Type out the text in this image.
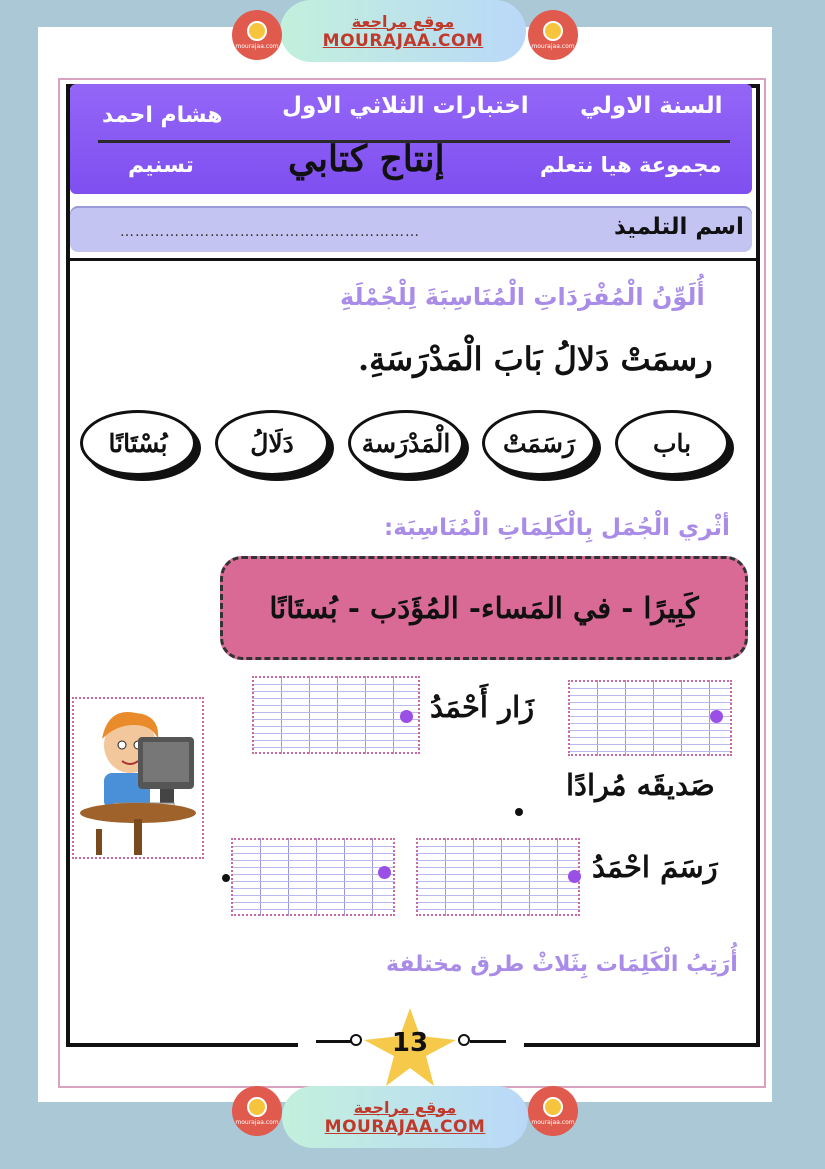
موقع مراجعة
MOURAJAA.COM
mourajaa.com	mourajaa.com
السنة الاولي
اختبارات الثلاثي الاول
هشام احمد
مجموعة هيا نتعلم
إنتاج كتابي
تسنيم
اسم التلميذ
……………………………………………………
أُلَوِّنُ الْمُفْرَدَاتِ الْمُنَاسِبَةَ لِلْجُمْلَةِ
رسمَتْ دَلالُ بَابَ الْمَدْرَسَةِ.
باب
رَسَمَتْ
الْمَدْرَسة
دَلَالُ
بُسْتَانًا
أثْري الْجُمَل بِالْكَلِمَاتِ الْمُنَاسِبَة:
كَبِيرًا - في المَساء- المُؤَدَب - بُستَانًا
زَار أَحْمَدُ
صَديقَه مُرادًا
رَسَمَ احْمَدُ
أُرَتِبُ الْكَلِمَات بِثَلاثْ طرق مختلفة
13
موقع مراجعة
MOURAJAA.COM
mourajaa.com	mourajaa.com
